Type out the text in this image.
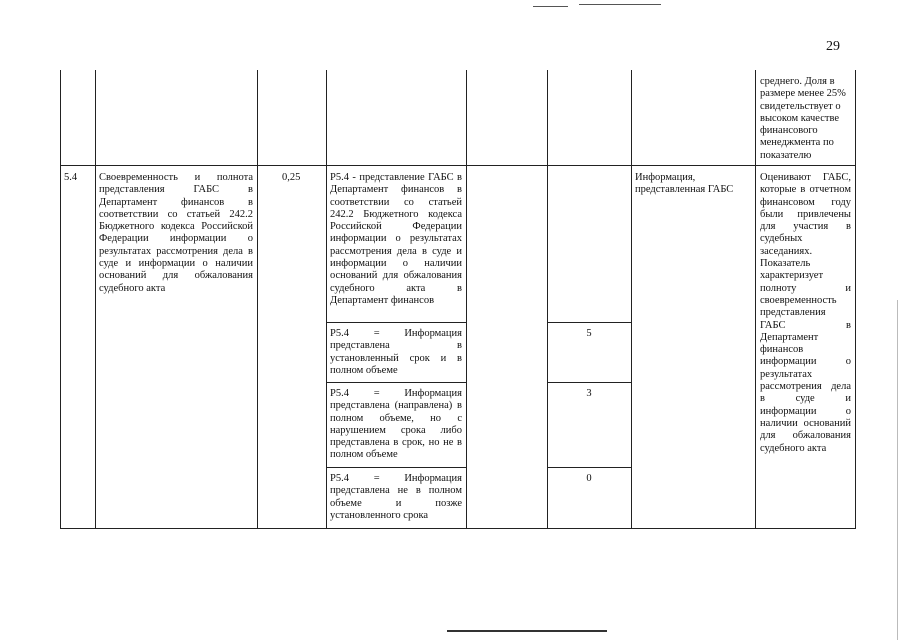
29
среднего. Доля в размере менее 25% свидетельствует о высоком качестве финансового менеджмента по показателю
5.4	Своевременность и полнота представления ГАБС в Департамент финансов в соответствии со статьей 242.2 Бюджетного кодекса Российской Федерации информации о результатах рассмотрения дела в суде и информации о наличии оснований для обжалования судебного акта
0,25	Р5.4 - представление ГАБС в Департамент финансов в соответствии со статьей 242.2 Бюджетного кодекса Российской Федерации информации о результатах рассмотрения дела в суде и информации о наличии оснований для обжалования судебного акта в Департамент финансов
Информация, представленная ГАБС
Оценивают ГАБС, которые в отчетном финансовом году были привлечены для участия в судебных заседаниях. Показатель характеризует полноту и своевременность представления ГАБС в Департамент финансов информации о результатах рассмотрения дела в суде и информации о наличии оснований для обжалования судебного акта
Р5.4 = Информация представлена в установленный срок и в полном объеме
5
Р5.4 = Информация представлена (направлена) в полном объеме, но с нарушением срока либо представлена в срок, но не в полном объеме
3
Р5.4 = Информация представлена не в полном объеме и позже установленного срока
0
